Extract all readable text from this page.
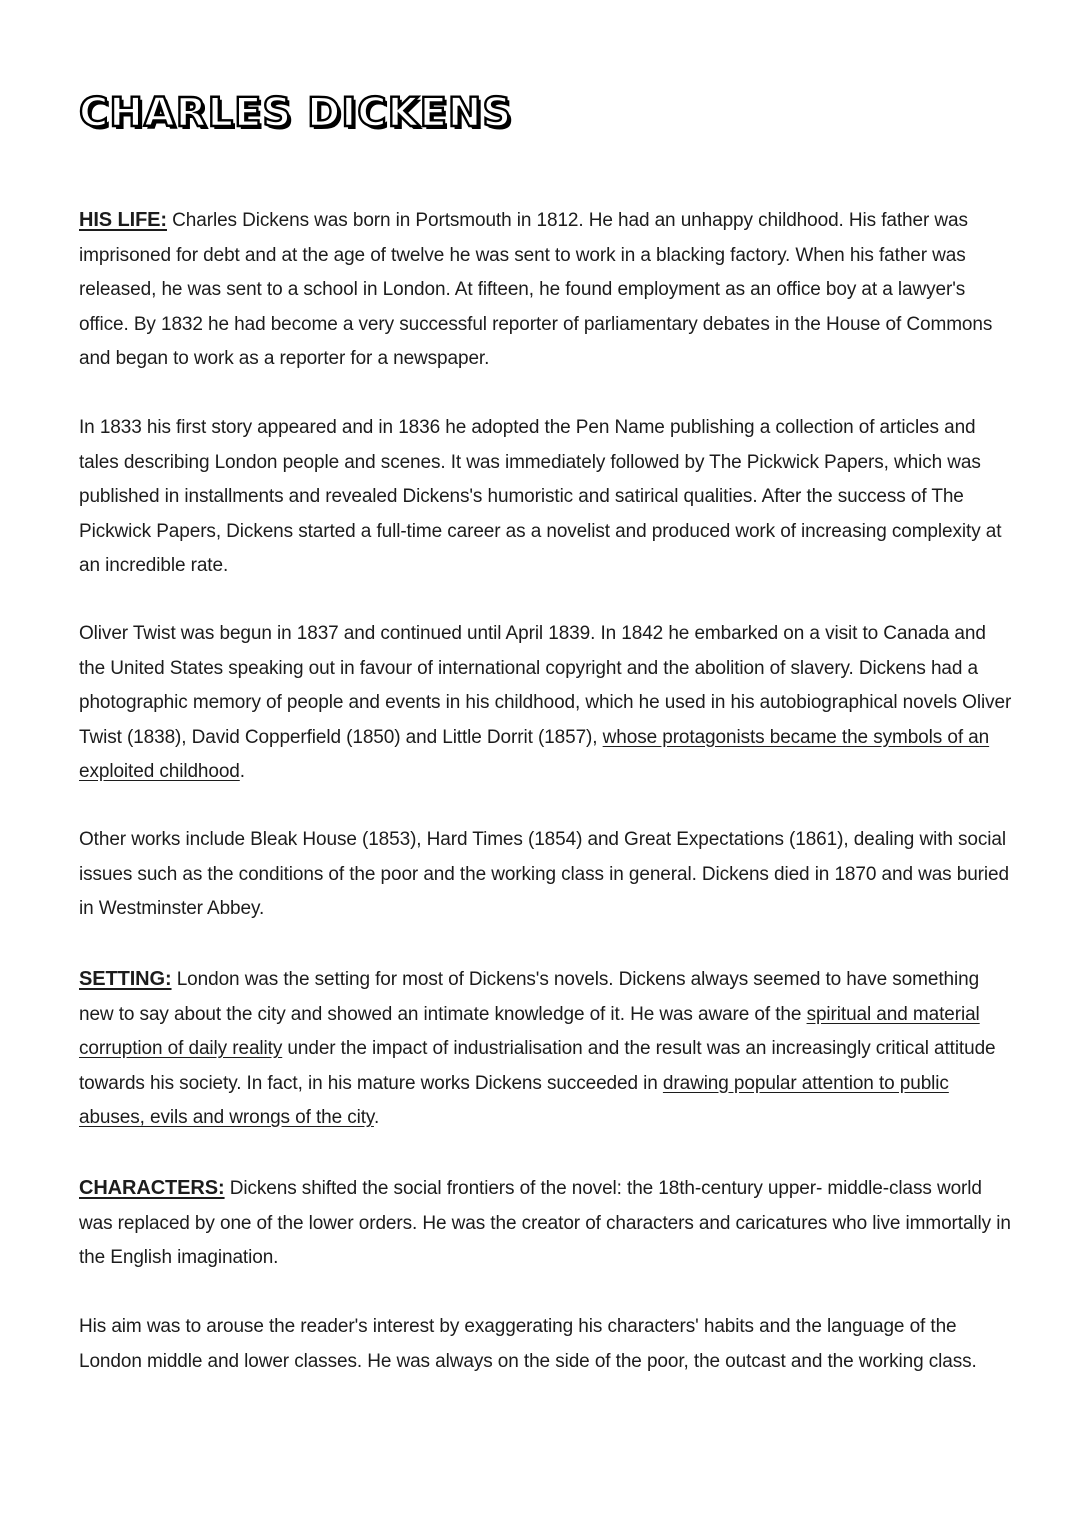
CHARLES DICKENS

HIS LIFE: Charles Dickens was born in Portsmouth in 1812. He had an unhappy childhood. His father was imprisoned for debt and at the age of twelve he was sent to work in a blacking factory. When his father was released, he was sent to a school in London. At fifteen, he found employment as an office boy at a lawyer's office. By 1832 he had become a very successful reporter of parliamentary debates in the House of Commons and began to work as a reporter for a newspaper.

In 1833 his first story appeared and in 1836 he adopted the Pen Name publishing a collection of articles and tales describing London people and scenes. It was immediately followed by The Pickwick Papers, which was published in installments and revealed Dickens's humoristic and satirical qualities. After the success of The Pickwick Papers, Dickens started a full-time career as a novelist and produced work of increasing complexity at an incredible rate.

Oliver Twist was begun in 1837 and continued until April 1839. In 1842 he embarked on a visit to Canada and the United States speaking out in favour of international copyright and the abolition of slavery. Dickens had a photographic memory of people and events in his childhood, which he used in his autobiographical novels Oliver Twist (1838), David Copperfield (1850) and Little Dorrit (1857), whose protagonists became the symbols of an exploited childhood.

Other works include Bleak House (1853), Hard Times (1854) and Great Expectations (1861), dealing with social issues such as the conditions of the poor and the working class in general. Dickens died in 1870 and was buried in Westminster Abbey.

SETTING: London was the setting for most of Dickens's novels. Dickens always seemed to have something new to say about the city and showed an intimate knowledge of it. He was aware of the spiritual and material corruption of daily reality under the impact of industrialisation and the result was an increasingly critical attitude towards his society. In fact, in his mature works Dickens succeeded in drawing popular attention to public abuses, evils and wrongs of the city.

CHARACTERS: Dickens shifted the social frontiers of the novel: the 18th-century upper- middle-class world was replaced by one of the lower orders. He was the creator of characters and caricatures who live immortally in the English imagination.

His aim was to arouse the reader's interest by exaggerating his characters' habits and the language of the London middle and lower classes. He was always on the side of the poor, the outcast and the working class.
